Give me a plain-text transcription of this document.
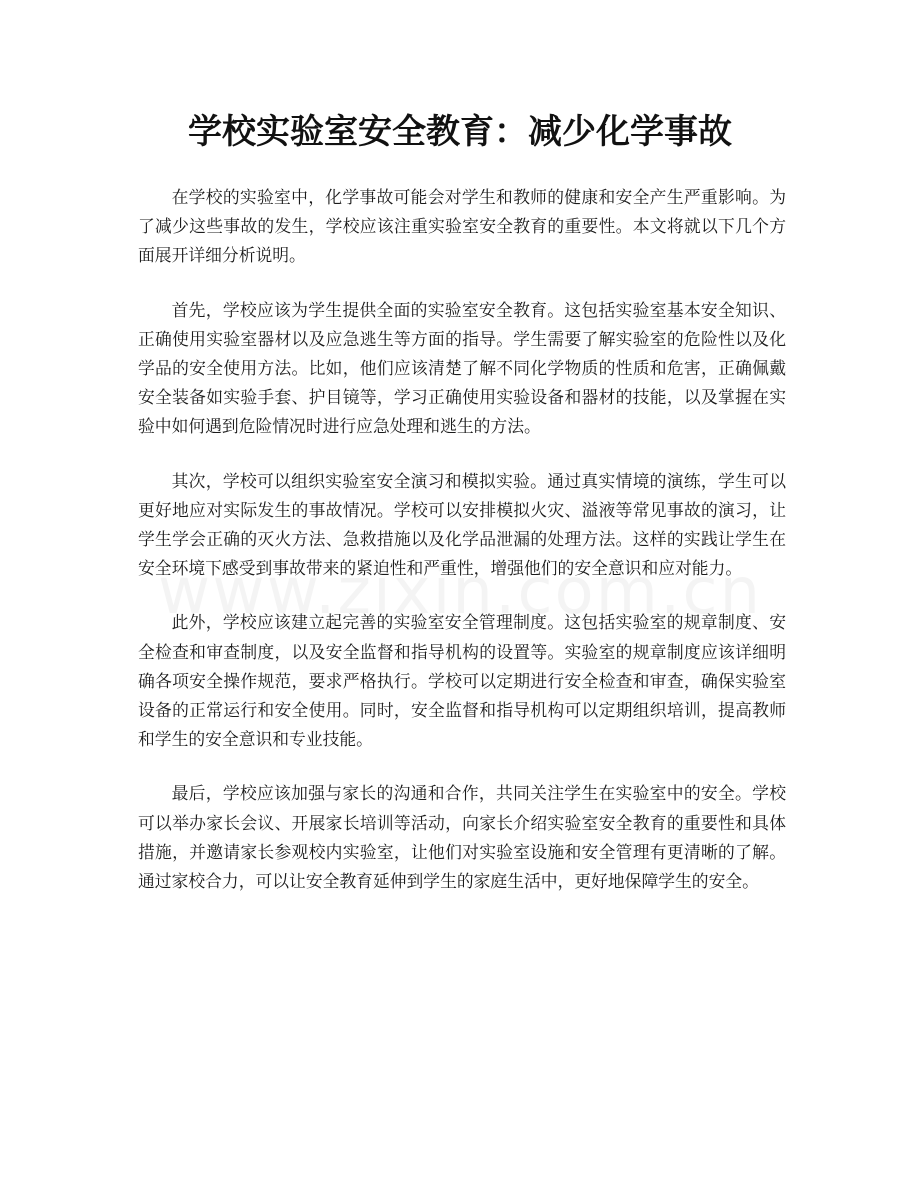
学校实验室安全教育：减少化学事故

在学校的实验室中，化学事故可能会对学生和教师的健康和安全产生严重影响。为了减少这些事故的发生，学校应该注重实验室安全教育的重要性。本文将就以下几个方面展开详细分析说明。

首先，学校应该为学生提供全面的实验室安全教育。这包括实验室基本安全知识、正确使用实验室器材以及应急逃生等方面的指导。学生需要了解实验室的危险性以及化学品的安全使用方法。比如，他们应该清楚了解不同化学物质的性质和危害，正确佩戴安全装备如实验手套、护目镜等，学习正确使用实验设备和器材的技能，以及掌握在实验中如何遇到危险情况时进行应急处理和逃生的方法。

其次，学校可以组织实验室安全演习和模拟实验。通过真实情境的演练，学生可以更好地应对实际发生的事故情况。学校可以安排模拟火灾、溢液等常见事故的演习，让学生学会正确的灭火方法、急救措施以及化学品泄漏的处理方法。这样的实践让学生在安全环境下感受到事故带来的紧迫性和严重性，增强他们的安全意识和应对能力。

此外，学校应该建立起完善的实验室安全管理制度。这包括实验室的规章制度、安全检查和审查制度，以及安全监督和指导机构的设置等。实验室的规章制度应该详细明确各项安全操作规范，要求严格执行。学校可以定期进行安全检查和审查，确保实验室设备的正常运行和安全使用。同时，安全监督和指导机构可以定期组织培训，提高教师和学生的安全意识和专业技能。

最后，学校应该加强与家长的沟通和合作，共同关注学生在实验室中的安全。学校可以举办家长会议、开展家长培训等活动，向家长介绍实验室安全教育的重要性和具体措施，并邀请家长参观校内实验室，让他们对实验室设施和安全管理有更清晰的了解。通过家校合力，可以让安全教育延伸到学生的家庭生活中，更好地保障学生的安全。
